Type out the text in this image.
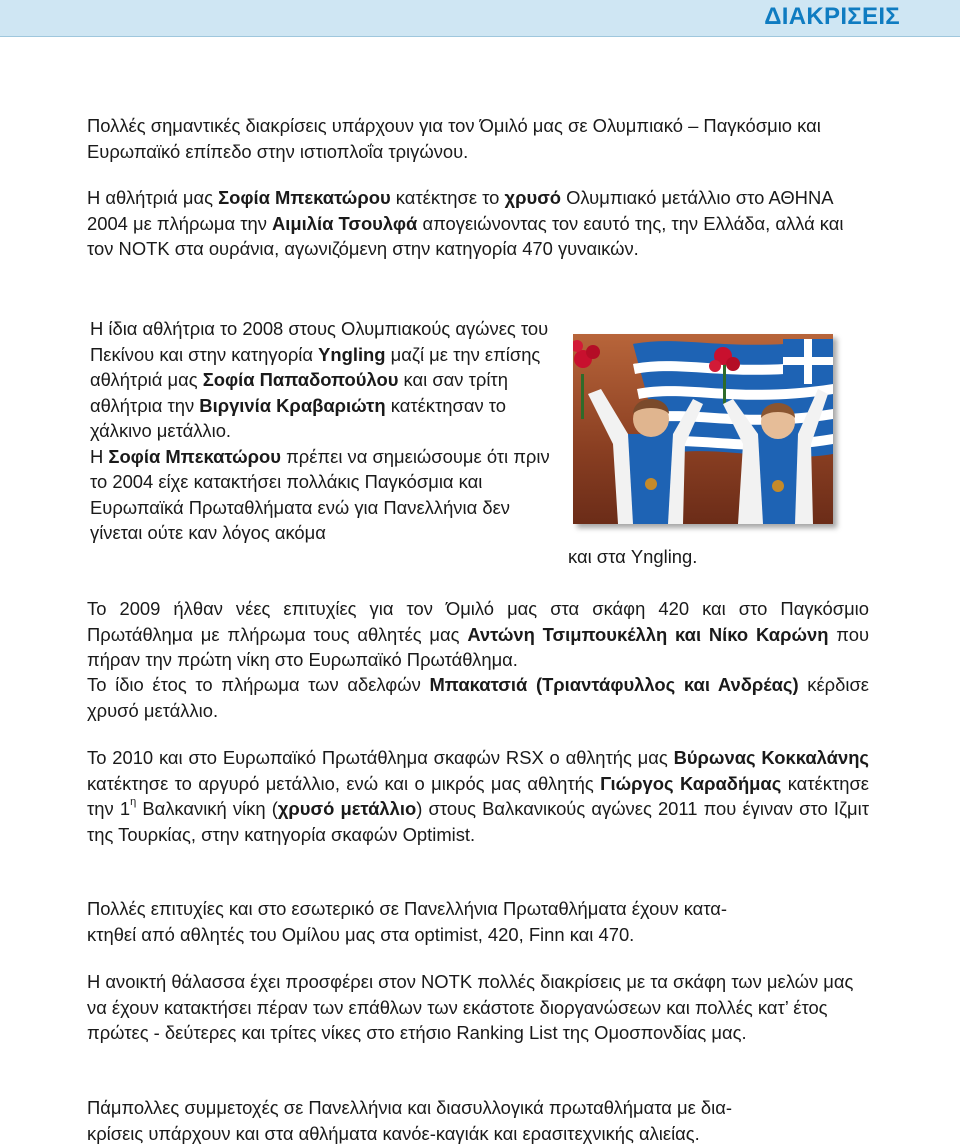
ΔΙΑΚΡΙΣΕΙΣ

Πολλές σημαντικές διακρίσεις υπάρχουν για τον Όμιλό μας σε Ολυμπιακό – Παγκόσμιο και Ευρωπαϊκό επίπεδο στην ιστιοπλοΐα τριγώνου.

Η αθλήτριά μας Σοφία Μπεκατώρου κατέκτησε το χρυσό Ολυμπιακό μετάλλιο στο ΑΘΗΝΑ 2004 με πλήρωμα την Αιμιλία Τσουλφά απογειώνοντας τον εαυτό της, την Ελλάδα, αλλά και τον ΝΟΤΚ στα ουράνια, αγωνιζόμενη στην κατηγορία 470 γυναικών.

Η ίδια αθλήτρια το 2008 στους Ολυμπιακούς αγώνες του Πεκίνου και στην κατηγορία Yngling μαζί με την επίσης αθλήτριά μας Σοφία Παπαδοπούλου και σαν τρίτη αθλήτρια την Βιργινία Κραβαριώτη κατέκτησαν το χάλκινο μετάλλιο.
Η Σοφία Μπεκατώρου πρέπει να σημειώσουμε ότι πριν το 2004 είχε κατακτήσει πολλάκις Παγκόσμια και Ευρωπαϊκά Πρωταθλήματα ενώ για Πανελλήνια δεν γίνεται ούτε καν λόγος ακόμα

και στα Yngling.

Το 2009 ήλθαν νέες επιτυχίες για τον Όμιλό μας στα σκάφη 420 και στο Παγκόσμιο Πρωτάθλημα με πλήρωμα τους αθλητές μας Αντώνη Τσιμπουκέλλη και Νίκο Καρώνη που πήραν την πρώτη νίκη στο Ευρωπαϊκό Πρωτάθλημα.

Το ίδιο έτος το πλήρωμα των αδελφών Μπακατσιά (Τριαντάφυλλος και Ανδρέας) κέρδισε χρυσό μετάλλιο.

Το 2010 και στο Ευρωπαϊκό Πρωτάθλημα σκαφών RSX ο αθλητής μας Βύρωνας Κοκκαλάνης κατέκτησε το αργυρό μετάλλιο, ενώ και ο μικρός μας αθλητής Γιώργος Καραδήμας κατέκτησε την $1^\eta$ Βαλκανική νίκη (χρυσό μετάλλιο) στους Βαλκανικούς αγώνες 2011 που έγιναν στο Ιζμιτ της Τουρκίας, στην κατηγορία σκαφών Optimist.

Πολλές επιτυχίες και στο εσωτερικό σε Πανελλήνια Πρωταθλήματα έχουν κατα-
κτηθεί από αθλητές του Ομίλου μας στα optimist, 420, Finn και 470.

Η ανοικτή θάλασσα έχει προσφέρει στον ΝΟΤΚ πολλές διακρίσεις με τα σκάφη των μελών μας να έχουν κατακτήσει πέραν των επάθλων των εκάστοτε διοργανώσεων και πολλές κατ’ έτος πρώτες - δεύτερες και τρίτες νίκες στο ετήσιο Ranking List της Ομοσπονδίας μας.

Πάμπολλες συμμετοχές σε Πανελλήνια και διασυλλογικά πρωταθλήματα με δια-
κρίσεις υπάρχουν και στα αθλήματα κανόε-καγιάκ και ερασιτεχνικής αλιείας.
